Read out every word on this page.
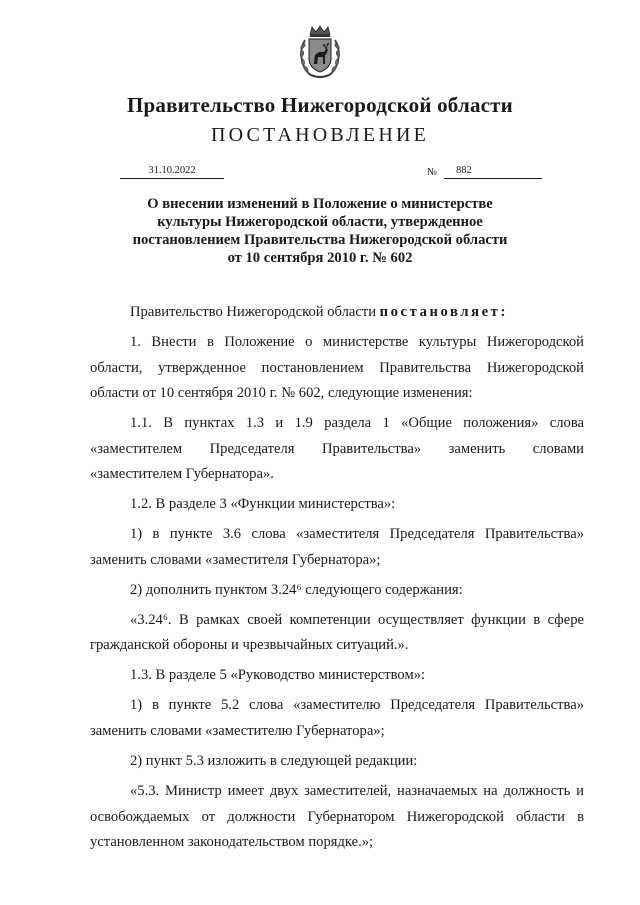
Правительство Нижегородской области
ПОСТАНОВЛЕНИЕ
31.10.2022	№	882
О внесении изменений в Положение о министерстве
культуры Нижегородской области, утвержденное
постановлением Правительства Нижегородской области
от 10 сентября 2010 г. № 602

Правительство Нижегородской области постановляет:

1. Внести в Положение о министерстве культуры Нижегородской области, утвержденное постановлением Правительства Нижегородской области от 10 сентября 2010 г. № 602, следующие изменения:

1.1. В пунктах 1.3 и 1.9 раздела 1 «Общие положения» слова «заместителем Председателя Правительства» заменить словами «заместителем Губернатора».

1.2. В разделе 3 «Функции министерства»:

1) в пункте 3.6 слова «заместителя Председателя Правительства» заменить словами «заместителя Губернатора»;

2) дополнить пунктом 3.24⁶ следующего содержания:

«3.24⁶. В рамках своей компетенции осуществляет функции в сфере гражданской обороны и чрезвычайных ситуаций.».

1.3. В разделе 5 «Руководство министерством»:

1) в пункте 5.2 слова «заместителю Председателя Правительства» заменить словами «заместителю Губернатора»;

2) пункт 5.3 изложить в следующей редакции:

«5.3. Министр имеет двух заместителей, назначаемых на должность и освобождаемых от должности Губернатором Нижегородской области в установленном законодательством порядке.»;
